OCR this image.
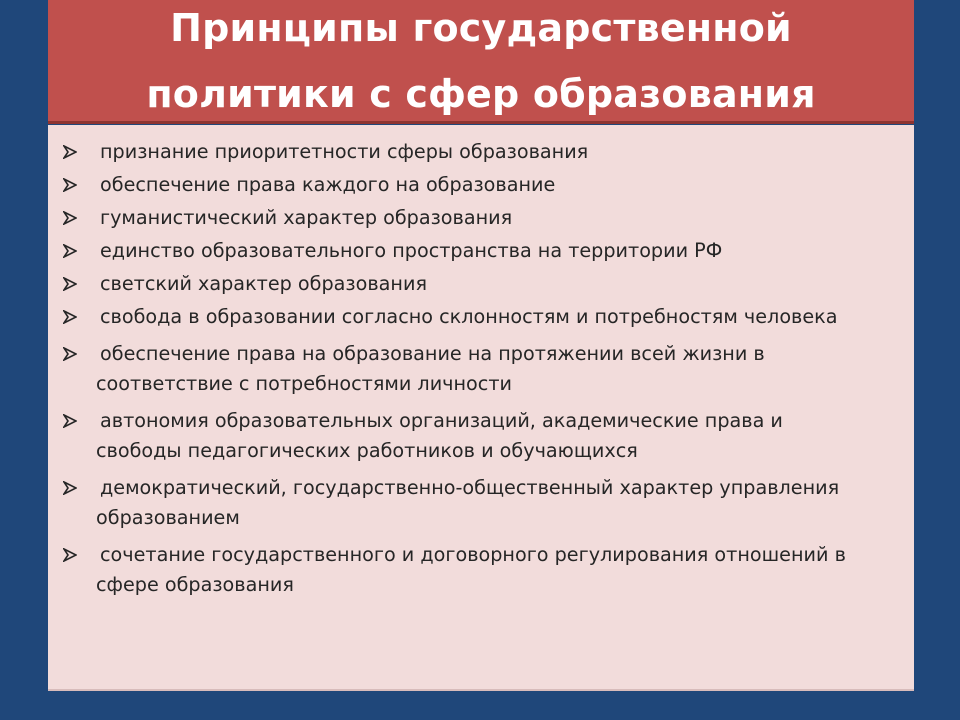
Принципы государственной
политики с сфер образования
признание приоритетности сферы образования
обеспечение права каждого на образование
гуманистический характер образования
единство образовательного пространства на территории РФ
светский характер образования
свобода в образовании согласно склонностям и потребностям человека
обеспечение права на образование на протяжении всей жизни в соответствие с потребностями личности
автономия образовательных организаций, академические права и свободы педагогических работников и обучающихся
демократический, государственно-общественный характер управления образованием
сочетание государственного и договорного регулирования отношений в сфере образования
